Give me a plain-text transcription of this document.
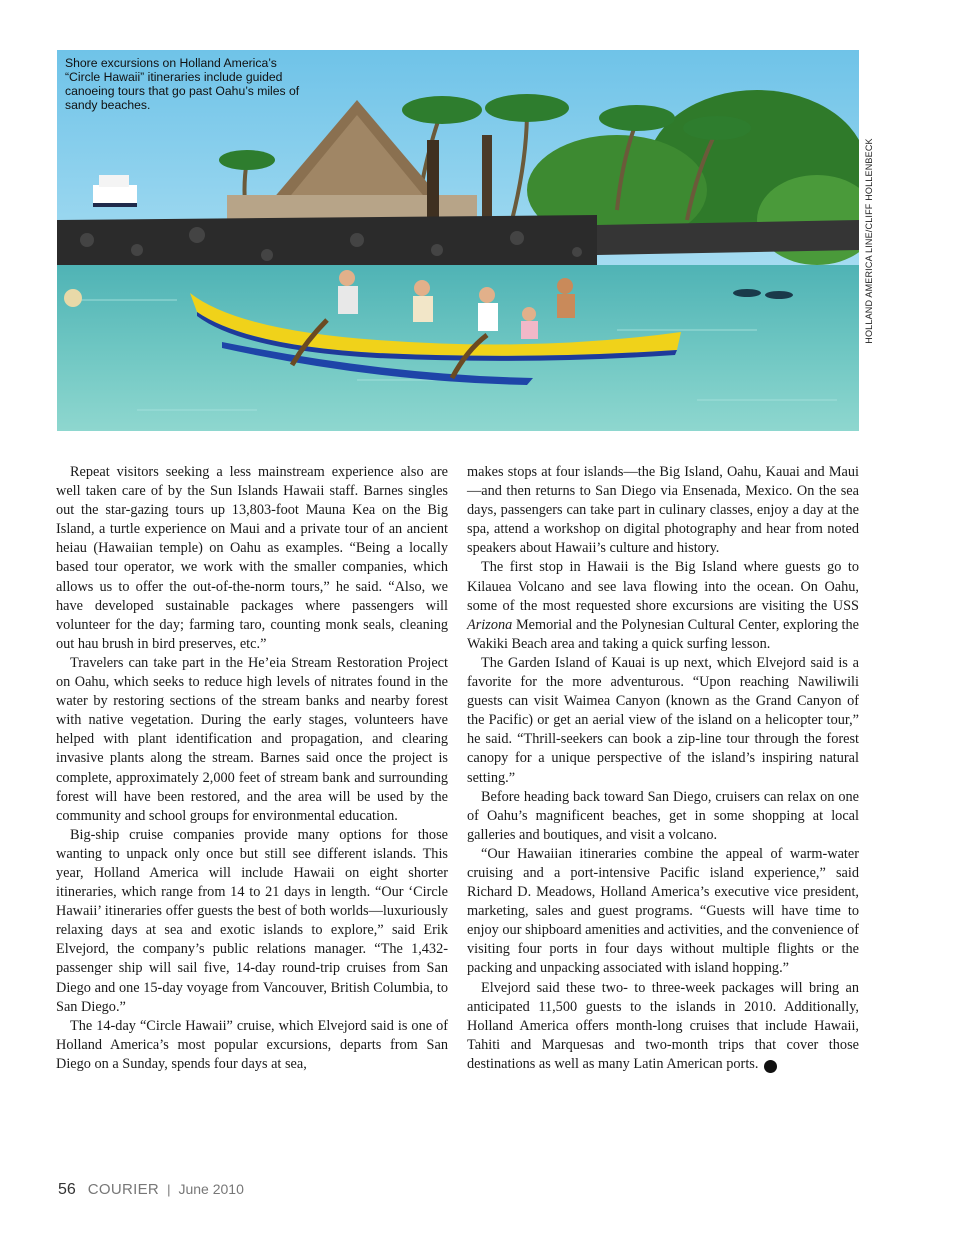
Shore excursions on Holland America’s “Circle Hawaii” itineraries include guided canoeing tours that go past Oahu’s miles of sandy beaches.
HOLLAND AMERICA LINE/CLIFF HOLLENBECK

Repeat visitors seeking a less mainstream experience also are well taken care of by the Sun Islands Hawaii staff. Barnes singles out the star-gazing tours up 13,803-foot Mauna Kea on the Big Island, a turtle experience on Maui and a private tour of an ancient heiau (Hawaiian temple) on Oahu as examples. “Being a locally based tour operator, we work with the smaller companies, which allows us to offer the out-of-the-norm tours,” he said. “Also, we have developed sustainable packages where passengers will volunteer for the day; farming taro, counting monk seals, cleaning out hau brush in bird preserves, etc.”

Travelers can take part in the He’eia Stream Restoration Project on Oahu, which seeks to reduce high levels of nitrates found in the water by restoring sections of the stream banks and nearby forest with native vegetation. During the early stages, volunteers have helped with plant identification and propagation, and clearing invasive plants along the stream. Barnes said once the project is complete, approximately 2,000 feet of stream bank and surrounding forest will have been restored, and the area will be used by the community and school groups for environmental education.

Big-ship cruise companies provide many options for those wanting to unpack only once but still see different islands. This year, Holland America will include Hawaii on eight shorter itineraries, which range from 14 to 21 days in length. “Our ‘Circle Hawaii’ itineraries offer guests the best of both worlds—luxuriously relaxing days at sea and exotic islands to explore,” said Erik Elvejord, the company’s public relations manager. “The 1,432-passenger ship will sail five, 14-day round-trip cruises from San Diego and one 15-day voyage from Vancouver, British Columbia, to San Diego.”

The 14-day “Circle Hawaii” cruise, which Elvejord said is one of Holland America’s most popular excursions, departs from San Diego on a Sunday, spends four days at sea,

makes stops at four islands—the Big Island, Oahu, Kauai and Maui—and then returns to San Diego via Ensenada, Mexico. On the sea days, passengers can take part in culinary classes, enjoy a day at the spa, attend a workshop on digital photography and hear from noted speakers about Hawaii’s culture and history.

The first stop in Hawaii is the Big Island where guests go to Kilauea Volcano and see lava flowing into the ocean. On Oahu, some of the most requested shore excursions are visiting the USS Arizona Memorial and the Polynesian Cultural Center, exploring the Wakiki Beach area and taking a quick surfing lesson.

The Garden Island of Kauai is up next, which Elvejord said is a favorite for the more adventurous. “Upon reaching Nawiliwili guests can visit Waimea Canyon (known as the Grand Canyon of the Pacific) or get an aerial view of the island on a helicopter tour,” he said. “Thrill-seekers can book a zip-line tour through the forest canopy for a unique perspective of the island’s inspiring natural setting.”

Before heading back toward San Diego, cruisers can relax on one of Oahu’s magnificent beaches, get in some shopping at local galleries and boutiques, and visit a volcano.

“Our Hawaiian itineraries combine the appeal of warm-water cruising and a port-intensive Pacific island experience,” said Richard D. Meadows, Holland America’s executive vice president, marketing, sales and guest programs. “Guests will have time to enjoy our shipboard amenities and activities, and the convenience of visiting four ports in four days without multiple flights or the packing and unpacking associated with island hopping.”

Elvejord said these two- to three-week packages will bring an anticipated 11,500 guests to the islands in 2010. Additionally, Holland America offers month-long cruises that include Hawaii, Tahiti and Marquesas and two-month trips that cover those destinations as well as many Latin American ports. C

56 COURIER | June 2010
